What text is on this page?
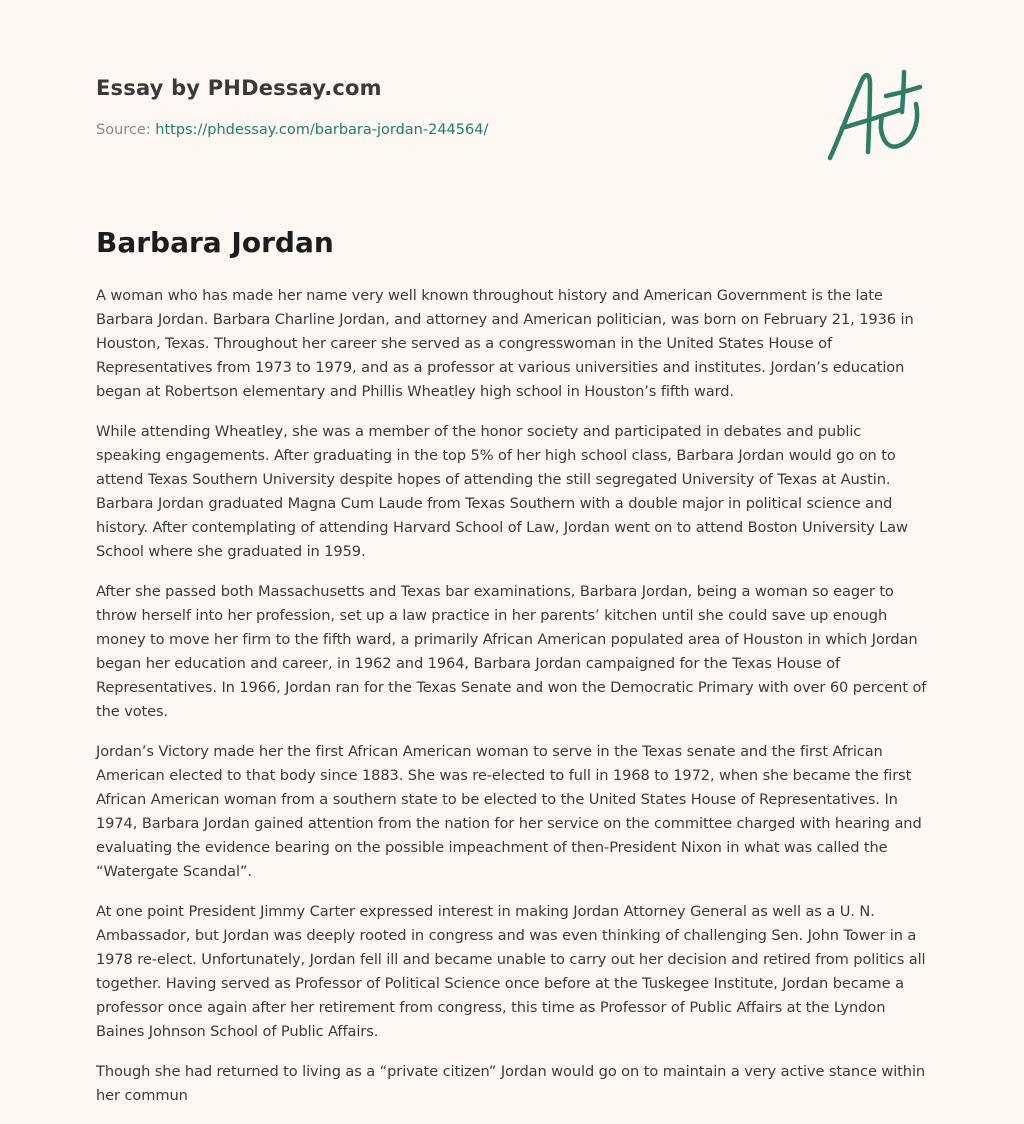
Essay by PHDessay.com
Source: https://phdessay.com/barbara-jordan-244564/
Barbara Jordan

A woman who has made her name very well known throughout history and American Government is the late Barbara Jordan. Barbara Charline Jordan, and attorney and American politician, was born on February 21, 1936 in Houston, Texas. Throughout her career she served as a congresswoman in the United States House of Representatives from 1973 to 1979, and as a professor at various universities and institutes. Jordan’s education began at Robertson elementary and Phillis Wheatley high school in Houston’s fifth ward.

While attending Wheatley, she was a member of the honor society and participated in debates and public speaking engagements. After graduating in the top 5% of her high school class, Barbara Jordan would go on to attend Texas Southern University despite hopes of attending the still segregated University of Texas at Austin. Barbara Jordan graduated Magna Cum Laude from Texas Southern with a double major in political science and history. After contemplating of attending Harvard School of Law, Jordan went on to attend Boston University Law School where she graduated in 1959.

After she passed both Massachusetts and Texas bar examinations, Barbara Jordan, being a woman so eager to throw herself into her profession, set up a law practice in her parents’ kitchen until she could save up enough money to move her firm to the fifth ward, a primarily African American populated area of Houston in which Jordan began her education and career, in 1962 and 1964, Barbara Jordan campaigned for the Texas House of Representatives. In 1966, Jordan ran for the Texas Senate and won the Democratic Primary with over 60 percent of the votes.

Jordan’s Victory made her the first African American woman to serve in the Texas senate and the first African American elected to that body since 1883. She was re-elected to full in 1968 to 1972, when she became the first African American woman from a southern state to be elected to the United States House of Representatives. In 1974, Barbara Jordan gained attention from the nation for her service on the committee charged with hearing and evaluating the evidence bearing on the possible impeachment of then-President Nixon in what was called the “Watergate Scandal”.

At one point President Jimmy Carter expressed interest in making Jordan Attorney General as well as a U. N. Ambassador, but Jordan was deeply rooted in congress and was even thinking of challenging Sen. John Tower in a 1978 re-elect. Unfortunately, Jordan fell ill and became unable to carry out her decision and retired from politics all together. Having served as Professor of Political Science once before at the Tuskegee Institute, Jordan became a professor once again after her retirement from congress, this time as Professor of Public Affairs at the Lyndon Baines Johnson School of Public Affairs.

Though she had returned to living as a “private citizen” Jordan would go on to maintain a very active stance within her commun
